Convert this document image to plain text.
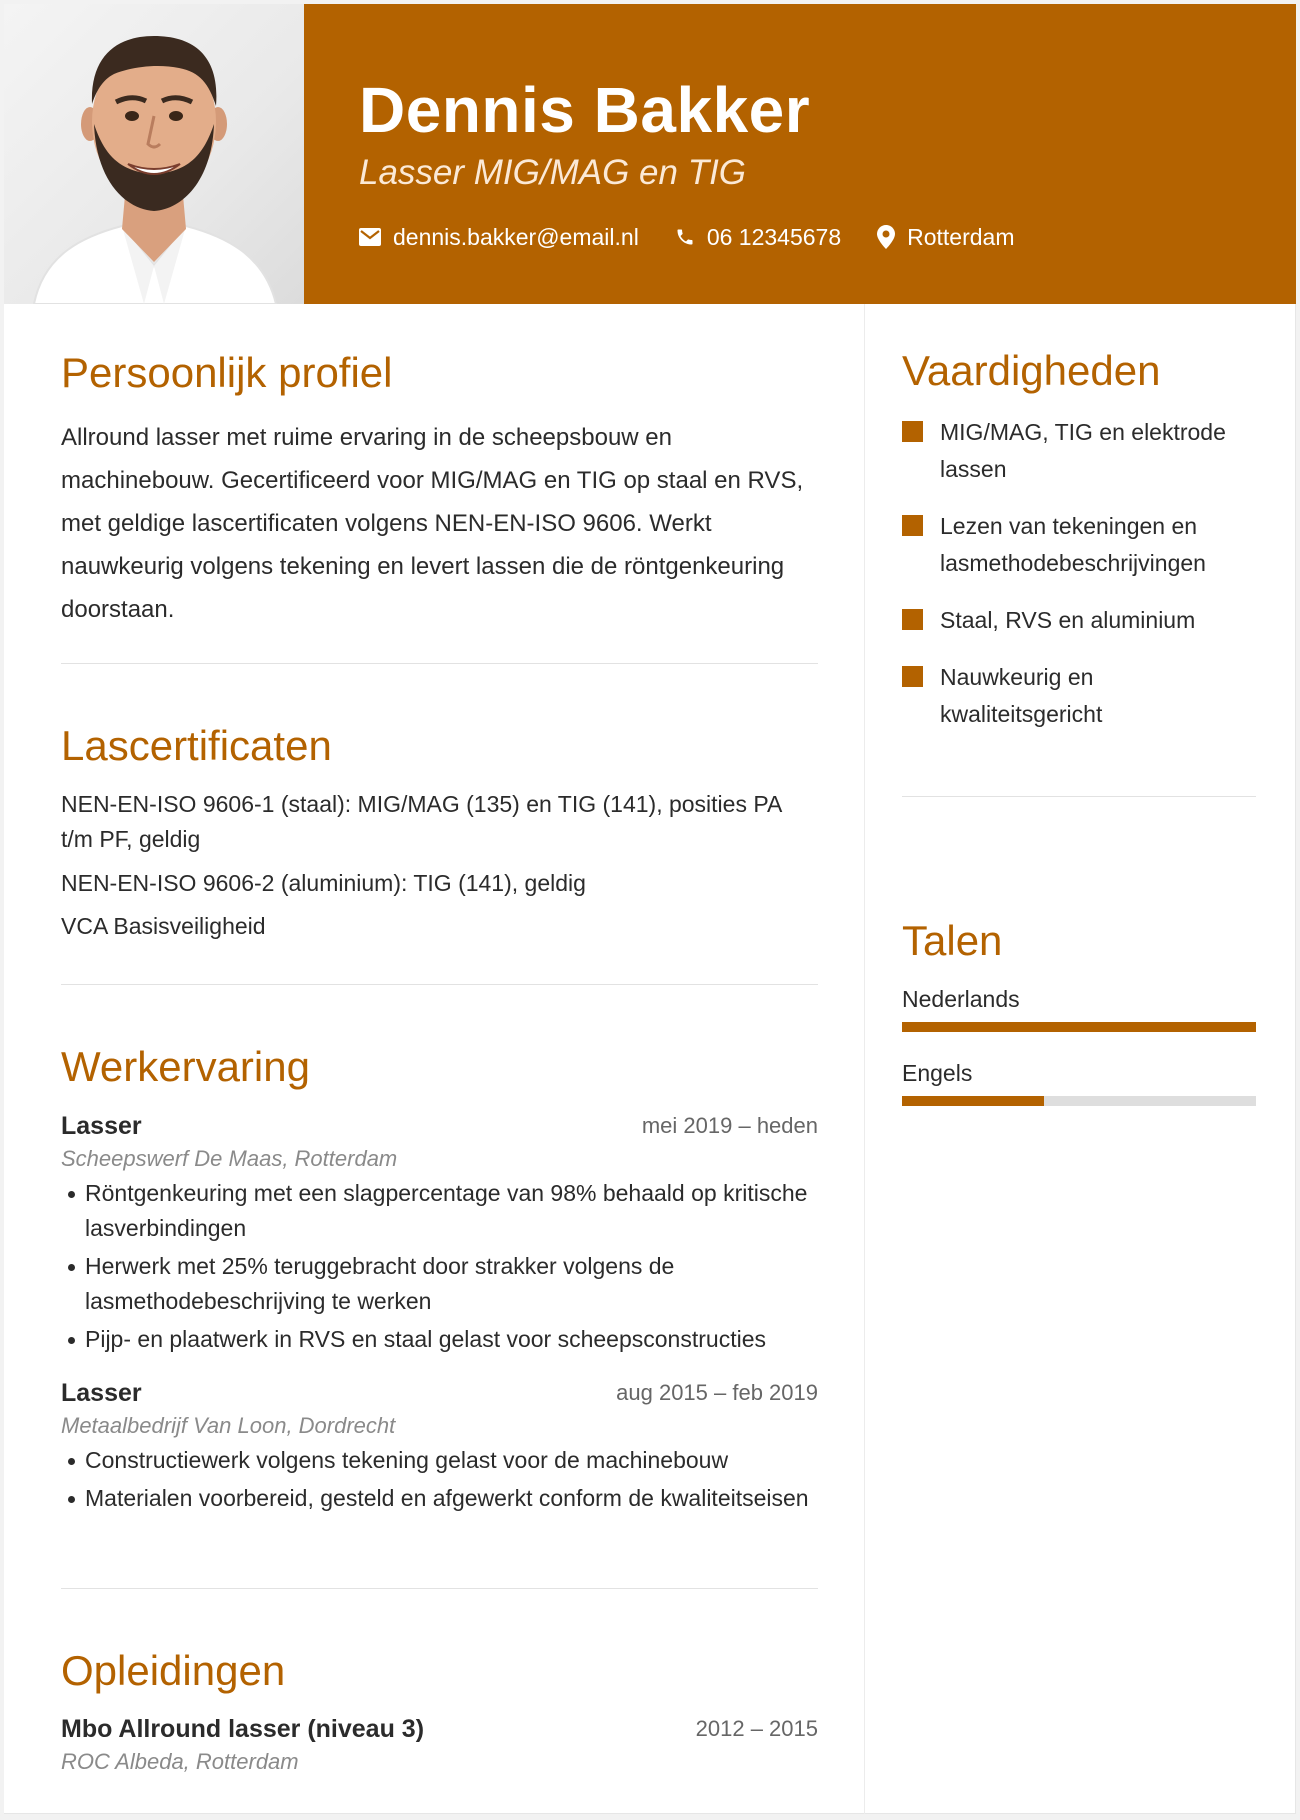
Dennis Bakker
Lasser MIG/MAG en TIG
dennis.bakker@email.nl	06 12345678	Rotterdam
Persoonlijk profiel

Allround lasser met ruime ervaring in de scheepsbouw en machinebouw. Gecertificeerd voor MIG/MAG en TIG op staal en RVS, met geldige lascertificaten volgens NEN-EN-ISO 9606. Werkt nauwkeurig volgens tekening en levert lassen die de röntgenkeuring doorstaan.

Lascertificaten
NEN-EN-ISO 9606-1 (staal): MIG/MAG (135) en TIG (141), posities PA t/m PF, geldig
NEN-EN-ISO 9606-2 (aluminium): TIG (141), geldig
VCA Basisveiligheid
Werkervaring
Lasser	mei 2019 – heden
Scheepswerf De Maas, Rotterdam
Röntgenkeuring met een slagpercentage van 98% behaald op kritische lasverbindingen
Herwerk met 25% teruggebracht door strakker volgens de lasmethodebeschrijving te werken
Pijp- en plaatwerk in RVS en staal gelast voor scheepsconstructies
Lasser	aug 2015 – feb 2019
Metaalbedrijf Van Loon, Dordrecht
Constructiewerk volgens tekening gelast voor de machinebouw
Materialen voorbereid, gesteld en afgewerkt conform de kwaliteitseisen
Opleidingen
Mbo Allround lasser (niveau 3)	2012 – 2015
ROC Albeda, Rotterdam
Vaardigheden
MIG/MAG, TIG en elektrode lassen
Lezen van tekeningen en lasmethodebeschrijvingen
Staal, RVS en aluminium
Nauwkeurig en kwaliteitsgericht
Talen
Nederlands
Engels
